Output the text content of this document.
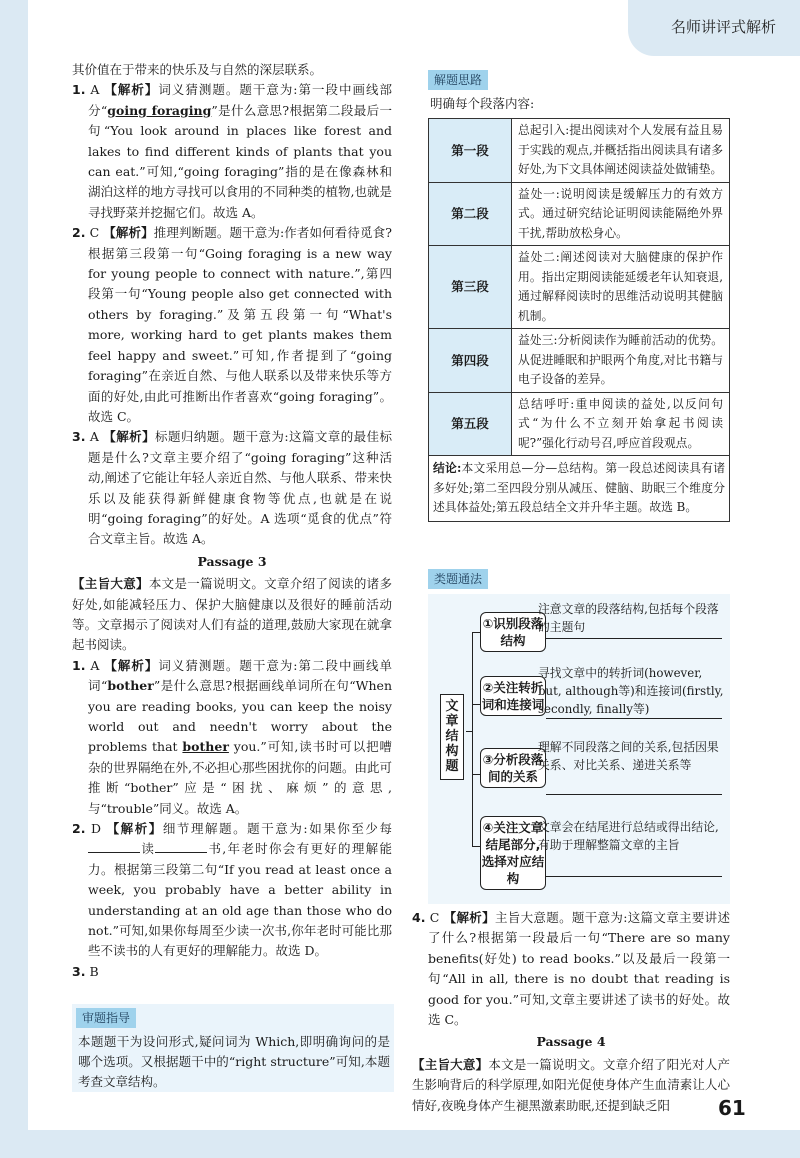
名师讲评式解析

其价值在于带来的快乐及与自然的深层联系。

1. A 【解析】词义猜测题。题干意为:第一段中画线部分“going foraging”是什么意思?根据第二段最后一句“You look around in places like forest and lakes to find different kinds of plants that you can eat.”可知,“going foraging”指的是在像森林和湖泊这样的地方寻找可以食用的不同种类的植物,也就是寻找野菜并挖掘它们。故选 A。

2. C 【解析】推理判断题。题干意为:作者如何看待觅食?根据第三段第一句“Going foraging is a new way for young people to connect with nature.”,第四段第一句“Young people also get connected with others by foraging.”及第五段第一句“What's more, working hard to get plants makes them feel happy and sweet.”可知,作者提到了“going foraging”在亲近自然、与他人联系以及带来快乐等方面的好处,由此可推断出作者喜欢“going foraging”。故选 C。

3. A 【解析】标题归纳题。题干意为:这篇文章的最佳标题是什么?文章主要介绍了“going foraging”这种活动,阐述了它能让年轻人亲近自然、与他人联系、带来快乐以及能获得新鲜健康食物等优点,也就是在说明“going foraging”的好处。A 选项“觅食的优点”符合文章主旨。故选 A。

Passage 3

【主旨大意】本文是一篇说明文。文章介绍了阅读的诸多好处,如能减轻压力、保护大脑健康以及很好的睡前活动等。文章揭示了阅读对人们有益的道理,鼓励大家现在就拿起书阅读。

1. A 【解析】词义猜测题。题干意为:第二段中画线单词“bother”是什么意思?根据画线单词所在句“When you are reading books, you can keep the noisy world out and needn't worry about the problems that bother you.”可知,读书时可以把嘈杂的世界隔绝在外,不必担心那些困扰你的问题。由此可推断“bother”应是“困扰、麻烦”的意思,与“trouble”同义。故选 A。

2. D 【解析】细节理解题。题干意为:如果你至少每读	书,年老时你会有更好的理解能力。根据第三段第二句“If you read at least once a week, you probably have a better ability in understanding at an old age than those who do not.”可知,如果你每周至少读一次书,你年老时可能比那些不读书的人有更好的理解能力。故选 D。

3. B

审题指导

本题题干为设问形式,疑问词为 Which,即明确询问的是哪个选项。又根据题干中的“right structure”可知,本题考查文章结构。

解题思路
明确每个段落内容:
第一段	总起引入:提出阅读对个人发展有益且易于实践的观点,并概括指出阅读具有诸多好处,为下文具体阐述阅读益处做铺垫。
第二段	益处一:说明阅读是缓解压力的有效方式。通过研究结论证明阅读能隔绝外界干扰,帮助放松身心。
第三段	益处二:阐述阅读对大脑健康的保护作用。指出定期阅读能延缓老年认知衰退,通过解释阅读时的思维活动说明其健脑机制。
第四段	益处三:分析阅读作为睡前活动的优势。从促进睡眠和护眼两个角度,对比书籍与电子设备的差异。
第五段	总结呼吁:重申阅读的益处,以反问句式“为什么不立刻开始拿起书阅读呢?”强化行动号召,呼应首段观点。
结论:本文采用总—分—总结构。第一段总述阅读具有诸多好处;第二至四段分别从减压、健脑、助眠三个维度分述具体益处;第五段总结全文并升华主题。故选 B。	
类题通法
文章结构题
①识别段落结构
注意文章的段落结构,包括每个段落的主题句
②关注转折词和连接词
寻找文章中的转折词(however, but, although等)和连接词(firstly, secondly, finally等)
③分析段落间的关系
理解不同段落之间的关系,包括因果关系、对比关系、递进关系等
④关注文章结尾部分,选择对应结构
文章会在结尾进行总结或得出结论,有助于理解整篇文章的主旨

4. C 【解析】主旨大意题。题干意为:这篇文章主要讲述了什么?根据第一段最后一句“There are so many benefits(好处) to read books.”以及最后一段第一句“All in all, there is no doubt that reading is good for you.”可知,文章主要讲述了读书的好处。故选 C。

Passage 4

【主旨大意】本文是一篇说明文。文章介绍了阳光对人产生影响背后的科学原理,如阳光促使身体产生血清素让人心情好,夜晚身体产生褪黑激素助眠,还提到缺乏阳	61
